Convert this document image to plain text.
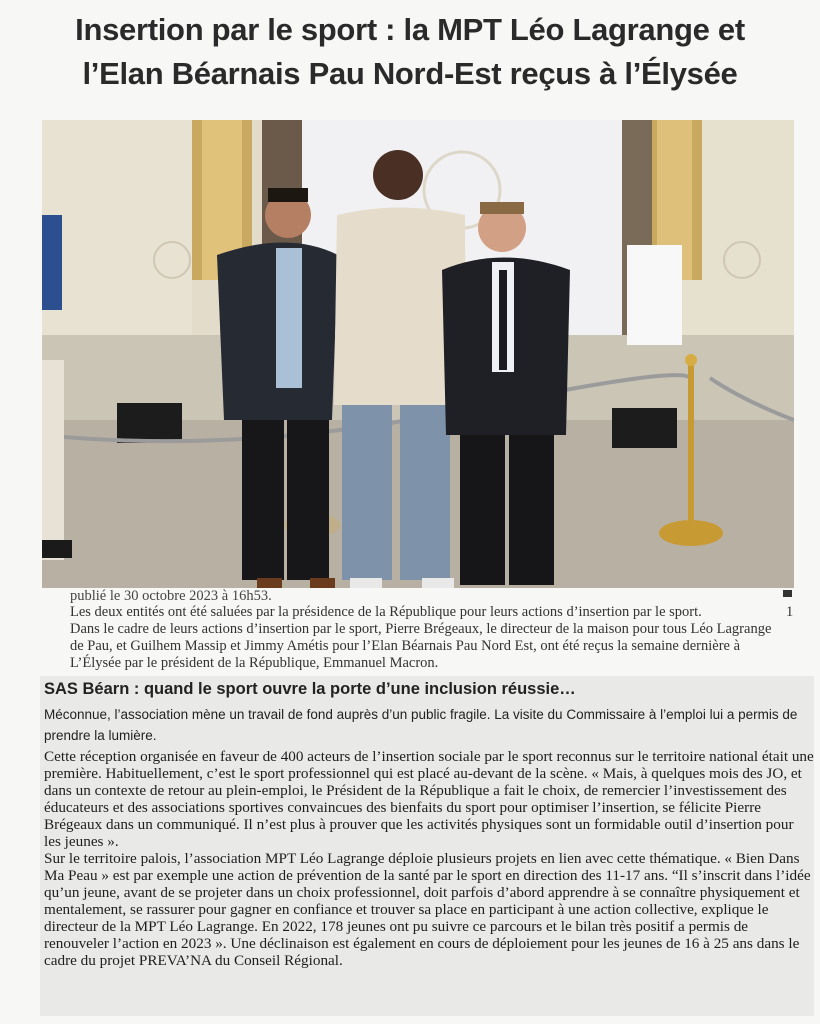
Insertion par le sport : la MPT Léo Lagrange et
l’Elan Béarnais Pau Nord-Est reçus à l’Élysée
publié le 30 octobre 2023 à 16h53.
Les deux entités ont été saluées par la présidence de la République pour leurs actions d’insertion par le sport.	1
Dans le cadre de leurs actions d’insertion par le sport, Pierre Brégeaux, le directeur de la maison pour tous Léo Lagrange de Pau, et Guilhem Massip et Jimmy Amétis pour l’Elan Béarnais Pau Nord Est, ont été reçus la semaine dernière à L’Élysée par le président de la République, Emmanuel Macron.
SAS Béarn : quand le sport ouvre la porte d’une inclusion réussie…
Méconnue, l’association mène un travail de fond auprès d’un public fragile. La visite du Commissaire à l’emploi lui a permis de prendre la lumière.

Cette réception organisée en faveur de 400 acteurs de l’insertion sociale par le sport reconnus sur le territoire national était une première. Habituellement, c’est le sport professionnel qui est placé au-devant de la scène. « Mais, à quelques mois des JO, et dans un contexte de retour au plein-emploi, le Président de la République a fait le choix, de remercier l’investissement des éducateurs et des associations sportives convaincues des bienfaits du sport pour optimiser l’insertion, se félicite Pierre Brégeaux dans un communiqué. Il n’est plus à prouver que les activités physiques sont un formidable outil d’insertion pour les jeunes ».

Sur le territoire palois, l’association MPT Léo Lagrange déploie plusieurs projets en lien avec cette thématique. « Bien Dans Ma Peau » est par exemple une action de prévention de la santé par le sport en direction des 11-17 ans. “Il s’inscrit dans l’idée qu’un jeune, avant de se projeter dans un choix professionnel, doit parfois d’abord apprendre à se connaître physiquement et mentalement, se rassurer pour gagner en confiance et trouver sa place en participant à une action collective, explique le directeur de la MPT Léo Lagrange. En 2022, 178 jeunes ont pu suivre ce parcours et le bilan très positif a permis de renouveler l’action en 2023 ». Une déclinaison est également en cours de déploiement pour les jeunes de 16 à 25 ans dans le cadre du projet PREVA’NA du Conseil Régional.
